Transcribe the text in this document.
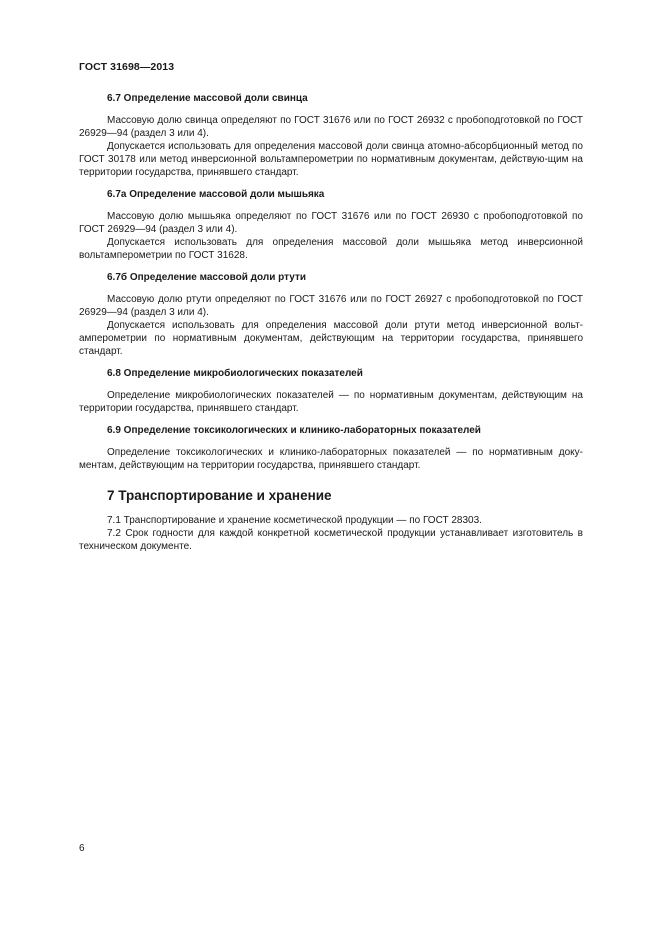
ГОСТ 31698—2013
6.7 Определение массовой доли свинца

Массовую долю свинца определяют по ГОСТ 31676 или по ГОСТ 26932 с пробоподготовкой по ГОСТ 26929—94 (раздел 3 или 4).

Допускается использовать для определения массовой доли свинца атомно-абсорбционный метод по ГОСТ 30178 или метод инверсионной вольтамперометрии по нормативным документам, действую-щим на территории государства, принявшего стандарт.

6.7а Определение массовой доли мышьяка

Массовую долю мышьяка определяют по ГОСТ 31676 или по ГОСТ 26930 с пробоподготовкой по ГОСТ 26929—94 (раздел 3 или 4).

Допускается использовать для определения массовой доли мышьяка метод инверсионной вольтамперометрии по ГОСТ 31628.

6.7б Определение массовой доли ртути

Массовую долю ртути определяют по ГОСТ 31676 или по ГОСТ 26927 с пробоподготовкой по ГОСТ 26929—94 (раздел 3 или 4).

Допускается использовать для определения массовой доли ртути метод инверсионной вольт-амперометрии по нормативным документам, действующим на территории государства, принявшего стандарт.

6.8 Определение микробиологических показателей

Определение микробиологических показателей — по нормативным документам, действующим на территории государства, принявшего стандарт.

6.9 Определение токсикологических и клинико-лабораторных показателей

Определение токсикологических и клинико-лабораторных показателей — по нормативным доку-ментам, действующим на территории государства, принявшего стандарт.

7 Транспортирование и хранение

7.1 Транспортирование и хранение косметической продукции — по ГОСТ 28303.

7.2 Срок годности для каждой конкретной косметической продукции устанавливает изготовитель в техническом документе.

6
